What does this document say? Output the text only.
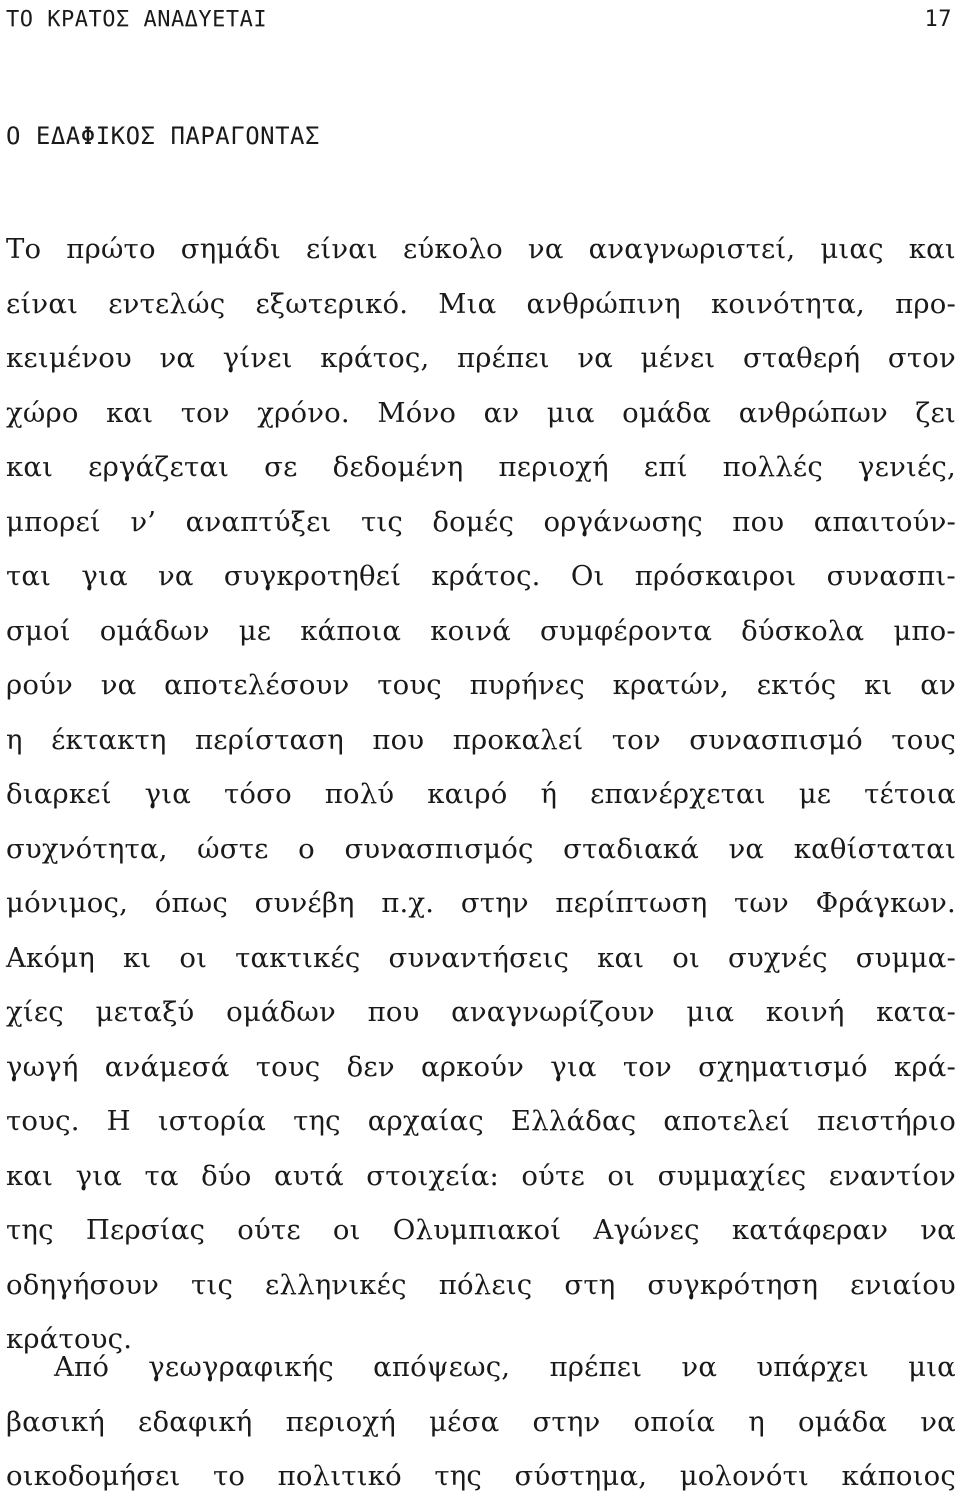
ΤΟ ΚΡΑΤΟΣ ΑΝΑΔΥΕΤΑΙ	17
Ο ΕΔΑΦΙΚΟΣ ΠΑΡΑΓΟΝΤΑΣ
Το πρώτο σημάδι είναι εύκολο να αναγνωριστεί, μιας και
είναι εντελώς εξωτερικό. Μια ανθρώπινη κοινότητα, προ-
κειμένου να γίνει κράτος, πρέπει να μένει σταθερή στον
χώρο και τον χρόνο. Μόνο αν μια ομάδα ανθρώπων ζει
και εργάζεται σε δεδομένη περιοχή επί πολλές γενιές,
μπορεί ν’ αναπτύξει τις δομές οργάνωσης που απαιτούν-
ται για να συγκροτηθεί κράτος. Οι πρόσκαιροι συνασπι-
σμοί ομάδων με κάποια κοινά συμφέροντα δύσκολα μπο-
ρούν να αποτελέσουν τους πυρήνες κρατών, εκτός κι αν
η έκτακτη περίσταση που προκαλεί τον συνασπισμό τους
διαρκεί για τόσο πολύ καιρό ή επανέρχεται με τέτοια
συχνότητα, ώστε ο συνασπισμός σταδιακά να καθίσταται
μόνιμος, όπως συνέβη π.χ. στην περίπτωση των Φράγκων.
Ακόμη κι οι τακτικές συναντήσεις και οι συχνές συμμα-
χίες μεταξύ ομάδων που αναγνωρίζουν μια κοινή κατα-
γωγή ανάμεσά τους δεν αρκούν για τον σχηματισμό κρά-
τους. Η ιστορία της αρχαίας Ελλάδας αποτελεί πειστήριο
και για τα δύο αυτά στοιχεία: ούτε οι συμμαχίες εναντίον
της Περσίας ούτε οι Ολυμπιακοί Αγώνες κατάφεραν να
οδηγήσουν τις ελληνικές πόλεις στη συγκρότηση ενιαίου
κράτους.
Από γεωγραφικής απόψεως, πρέπει να υπάρχει μια
βασική εδαφική περιοχή μέσα στην οποία η ομάδα να
οικοδομήσει το πολιτικό της σύστημα, μολονότι κάποιος
